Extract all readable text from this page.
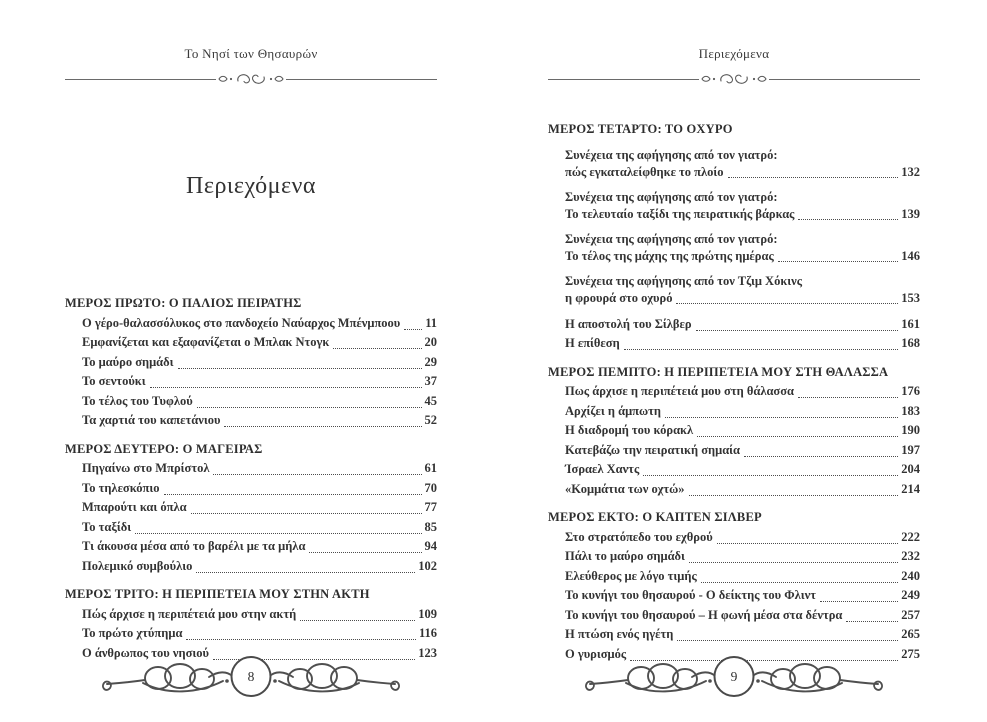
Το Νησί των Θησαυρών
Περιεχόμενα
ΜΕΡΟΣ ΠΡΩΤΟ: Ο ΠΑΛΙΟΣ ΠΕΙΡΑΤΗΣ
Ο γέρο-θαλασσόλυκος στο πανδοχείο Ναύαρχος Μπένμποου 11
Εμφανίζεται και εξαφανίζεται ο Μπλακ Ντογκ	20
Το μαύρο σημάδι	29
Το σεντούκι	37
Το τέλος του Τυφλού	45
Τα χαρτιά του καπετάνιου	52
ΜΕΡΟΣ ΔΕΥΤΕΡΟ: Ο ΜΑΓΕΙΡΑΣ
Πηγαίνω στο Μπρίστολ	61
Το τηλεσκόπιο	70
Μπαρούτι και όπλα	77
Το ταξίδι	85
Τι άκουσα μέσα από το βαρέλι με τα μήλα	94
Πολεμικό συμβούλιο	102
ΜΕΡΟΣ ΤΡΙΤΟ: Η ΠΕΡΙΠΕΤΕΙΑ ΜΟΥ ΣΤΗΝ ΑΚΤΗ
Πώς άρχισε η περιπέτειά μου στην ακτή	109
Το πρώτο χτύπημα	116
Ο άνθρωπος του νησιού	123
8
Περιεχόμενα
ΜΕΡΟΣ ΤΕΤΑΡΤΟ: ΤΟ ΟΧΥΡΟ
Συνέχεια της αφήγησης από τον γιατρό:
πώς εγκαταλείφθηκε το πλοίο	132
Συνέχεια της αφήγησης από τον γιατρό:
Το τελευταίο ταξίδι της πειρατικής βάρκας	139
Συνέχεια της αφήγησης από τον γιατρό:
Το τέλος της μάχης της πρώτης ημέρας	146
Συνέχεια της αφήγησης από τον Τζιμ Χόκινς
η φρουρά στο οχυρό	153
Η αποστολή του Σίλβερ	161
Η επίθεση	168
ΜΕΡΟΣ ΠΕΜΠΤΟ: Η ΠΕΡΙΠΕΤΕΙΑ ΜΟΥ ΣΤΗ ΘΑΛΑΣΣΑ
Πως άρχισε η περιπέτειά μου στη θάλασσα	176
Αρχίζει η άμπωτη	183
Η διαδρομή του κόρακλ	190
Κατεβάζω την πειρατική σημαία	197
Ίσραελ Χαντς	204
«Κομμάτια των οχτώ»	214
ΜΕΡΟΣ ΕΚΤΟ: Ο ΚΑΠΤΕΝ ΣΙΛΒΕΡ
Στο στρατόπεδο του εχθρού	222
Πάλι το μαύρο σημάδι	232
Ελεύθερος με λόγο τιμής	240
Το κυνήγι του θησαυρού - Ο δείκτης του Φλιντ	249
Το κυνήγι του θησαυρού – Η φωνή μέσα στα δέντρα	257
Η πτώση ενός ηγέτη	265
Ο γυρισμός	275
9
